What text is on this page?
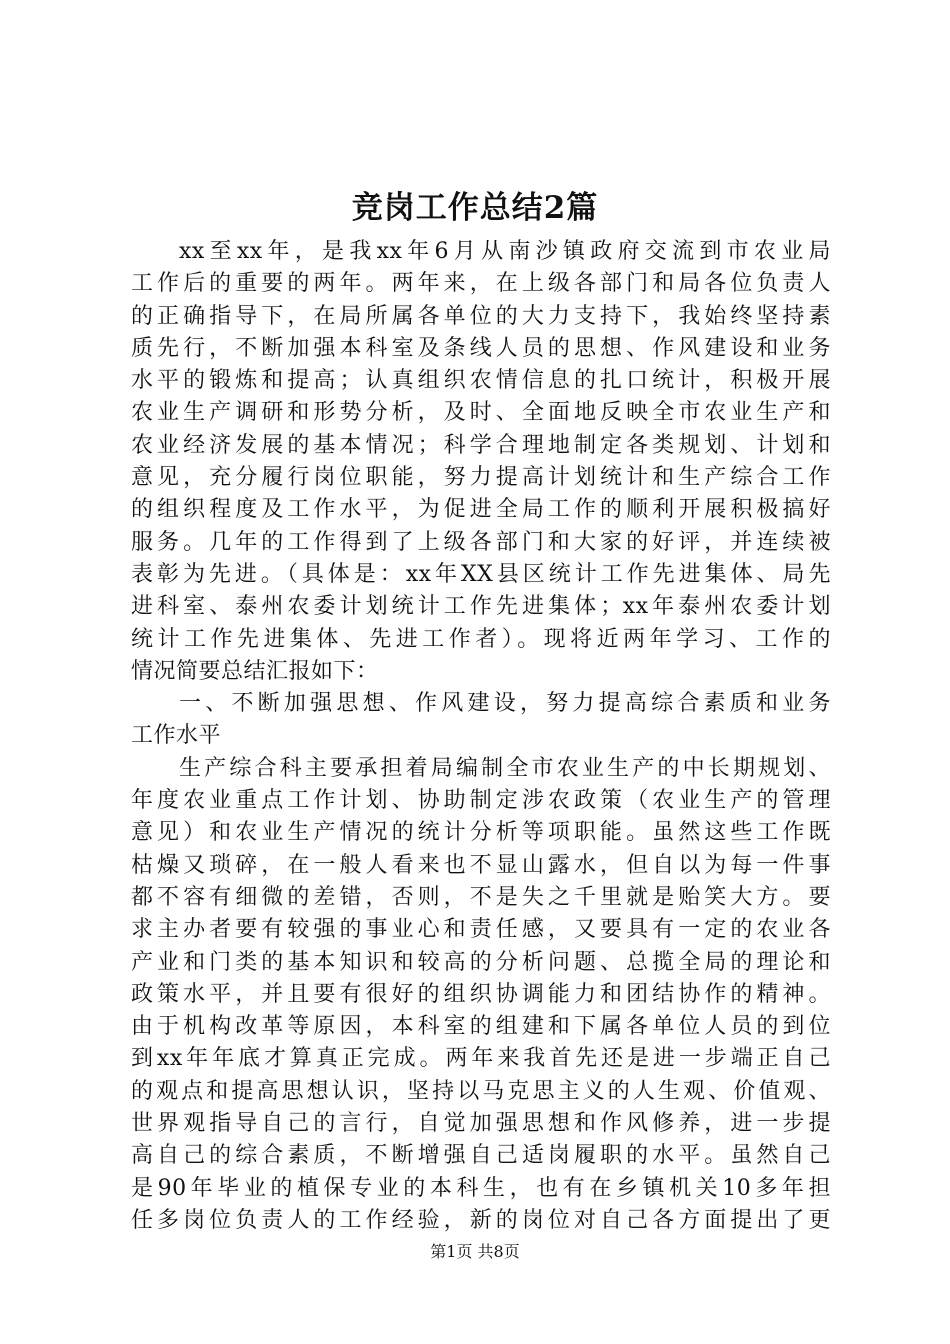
竞岗工作总结2篇
xx至xx年，是我xx年6月从南沙镇政府交流到市农业局
工作后的重要的两年。两年来，在上级各部门和局各位负责人
的正确指导下，在局所属各单位的大力支持下，我始终坚持素
质先行，不断加强本科室及条线人员的思想、作风建设和业务
水平的锻炼和提高；认真组织农情信息的扎口统计，积极开展
农业生产调研和形势分析，及时、全面地反映全市农业生产和
农业经济发展的基本情况；科学合理地制定各类规划、计划和
意见，充分履行岗位职能，努力提高计划统计和生产综合工作
的组织程度及工作水平，为促进全局工作的顺利开展积极搞好
服务。几年的工作得到了上级各部门和大家的好评，并连续被
表彰为先进。（具体是：xx年XX县区统计工作先进集体、局先
进科室、泰州农委计划统计工作先进集体；xx年泰州农委计划
统计工作先进集体、先进工作者）。现将近两年学习、工作的
情况简要总结汇报如下：
一、不断加强思想、作风建设，努力提高综合素质和业务
工作水平
生产综合科主要承担着局编制全市农业生产的中长期规划、
年度农业重点工作计划、协助制定涉农政策（农业生产的管理
意见）和农业生产情况的统计分析等项职能。虽然这些工作既
枯燥又琐碎，在一般人看来也不显山露水，但自以为每一件事
都不容有细微的差错，否则，不是失之千里就是贻笑大方。要
求主办者要有较强的事业心和责任感，又要具有一定的农业各
产业和门类的基本知识和较高的分析问题、总揽全局的理论和
政策水平，并且要有很好的组织协调能力和团结协作的精神。
由于机构改革等原因，本科室的组建和下属各单位人员的到位
到xx年年底才算真正完成。两年来我首先还是进一步端正自己
的观点和提高思想认识，坚持以马克思主义的人生观、价值观、
世界观指导自己的言行，自觉加强思想和作风修养，进一步提
高自己的综合素质，不断增强自己适岗履职的水平。虽然自己
是90年毕业的植保专业的本科生，也有在乡镇机关10多年担
任多岗位负责人的工作经验，新的岗位对自己各方面提出了更
第1页 共8页
